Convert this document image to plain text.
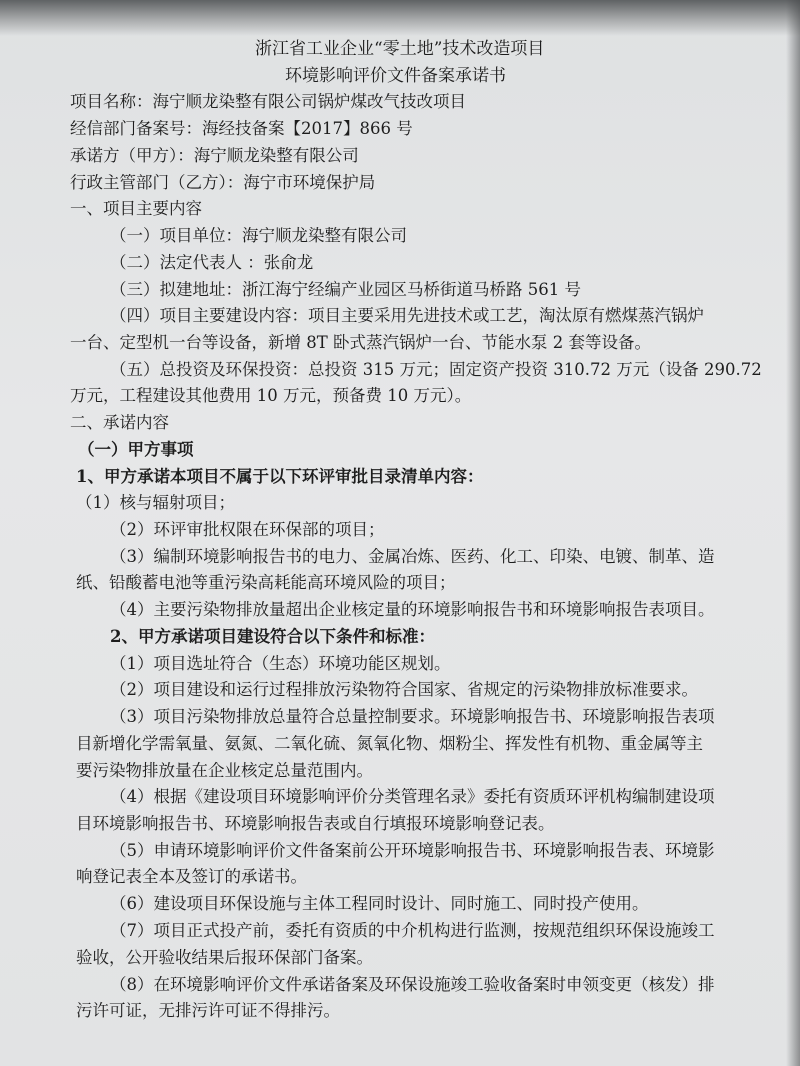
浙江省工业企业“零土地”技术改造项目
环境影响评价文件备案承诺书
项目名称：海宁顺龙染整有限公司锅炉煤改气技改项目
经信部门备案号：海经技备案【2017】866 号
承诺方（甲方）：海宁顺龙染整有限公司
行政主管部门（乙方）：海宁市环境保护局
一、项目主要内容
（一）项目单位：海宁顺龙染整有限公司
（二）法定代表人 ：张俞龙
（三）拟建地址：浙江海宁经编产业园区马桥街道马桥路 561 号
（四）项目主要建设内容：项目主要采用先进技术或工艺，淘汰原有燃煤蒸汽锅炉
一台、定型机一台等设备，新增 8T 卧式蒸汽锅炉一台、节能水泵 2 套等设备。
（五）总投资及环保投资：总投资 315 万元；固定资产投资 310.72 万元（设备 290.72
万元，工程建设其他费用 10 万元，预备费 10 万元）。
二、承诺内容
（一）甲方事项
1、甲方承诺本项目不属于以下环评审批目录清单内容：
（1）核与辐射项目；
（2）环评审批权限在环保部的项目；
（3）编制环境影响报告书的电力、金属冶炼、医药、化工、印染、电镀、制革、造
纸、铅酸蓄电池等重污染高耗能高环境风险的项目；
（4）主要污染物排放量超出企业核定量的环境影响报告书和环境影响报告表项目。
2、甲方承诺项目建设符合以下条件和标准：
（1）项目选址符合（生态）环境功能区规划。
（2）项目建设和运行过程排放污染物符合国家、省规定的污染物排放标准要求。
（3）项目污染物排放总量符合总量控制要求。环境影响报告书、环境影响报告表项
目新增化学需氧量、氨氮、二氧化硫、氮氧化物、烟粉尘、挥发性有机物、重金属等主
要污染物排放量在企业核定总量范围内。
（4）根据《建设项目环境影响评价分类管理名录》委托有资质环评机构编制建设项
目环境影响报告书、环境影响报告表或自行填报环境影响登记表。
（5）申请环境影响评价文件备案前公开环境影响报告书、环境影响报告表、环境影
响登记表全本及签订的承诺书。
（6）建设项目环保设施与主体工程同时设计、同时施工、同时投产使用。
（7）项目正式投产前，委托有资质的中介机构进行监测，按规范组织环保设施竣工
验收，公开验收结果后报环保部门备案。
（8）在环境影响评价文件承诺备案及环保设施竣工验收备案时申领变更（核发）排
污许可证，无排污许可证不得排污。
